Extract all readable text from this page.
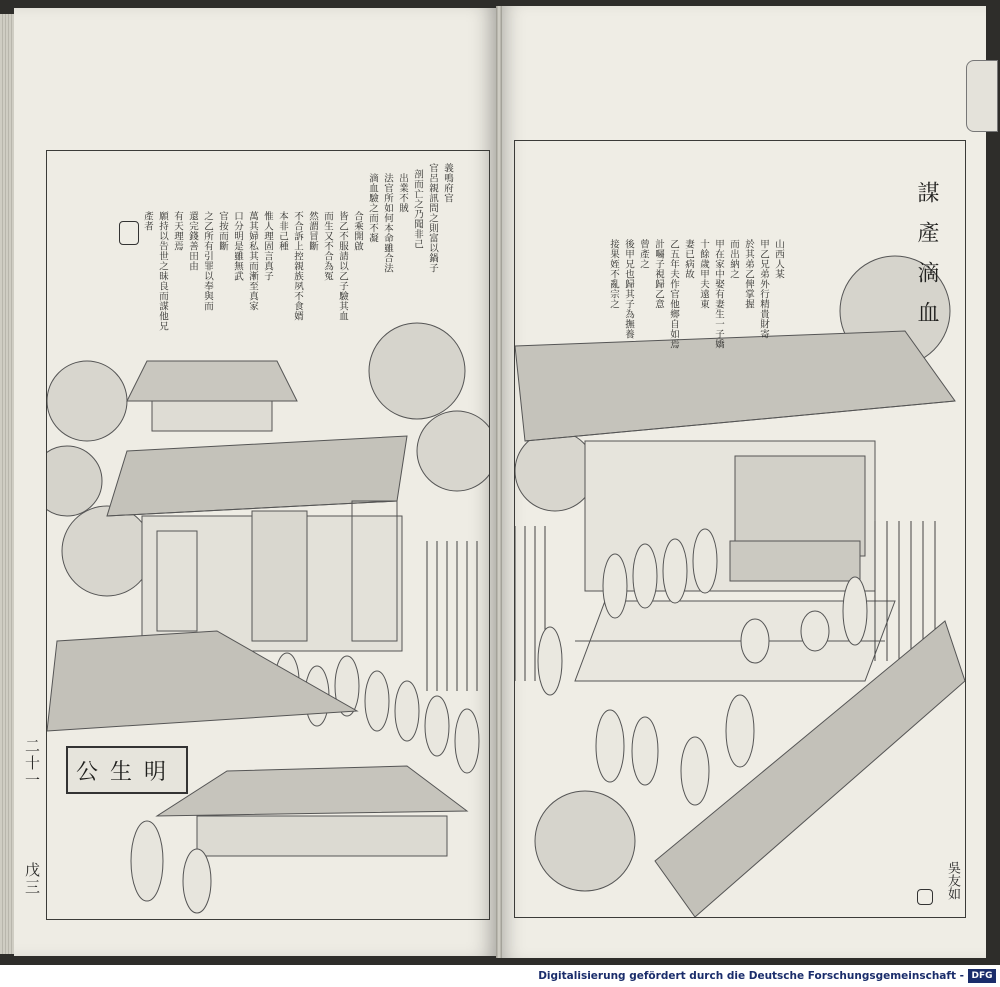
義鳴府官
官呂親訊問之則富以鍋子
剖而亡之乃聞非己
出業不賊
法官所如何本命雖合法
滴血驗之而不凝
合乘開啟
皆乙不服請以乙子驗其血
而生又不合為冤
然謂冒斷
不合訴上控親族夙不食婿
本非己種
惟人理固言真子
萬其婦私其而漸至真家
口分明是雖無武
官按而斷
之乙所有引罪以奉與而
還完錢善田由
有天理焉
願持以告世之昧良而謀他兄
產者
公生明
二十一
戊三
謀產滴血
山西人某
甲乙兄弟外行精貴財寄
於其弟乙俾掌握
而出納之
甲在家中娶有妻生一子嬌
十餘歲甲夫遠東
妻已病故
乙五年夫作官他鄉自如焉
計囑子視歸乙意
曾產之
後甲兄也歸其子為撫養
接果姪不亂宗之
吳友如
Digitalisierung gefördert durch die Deutsche Forschungsgemeinschaft - DFG
